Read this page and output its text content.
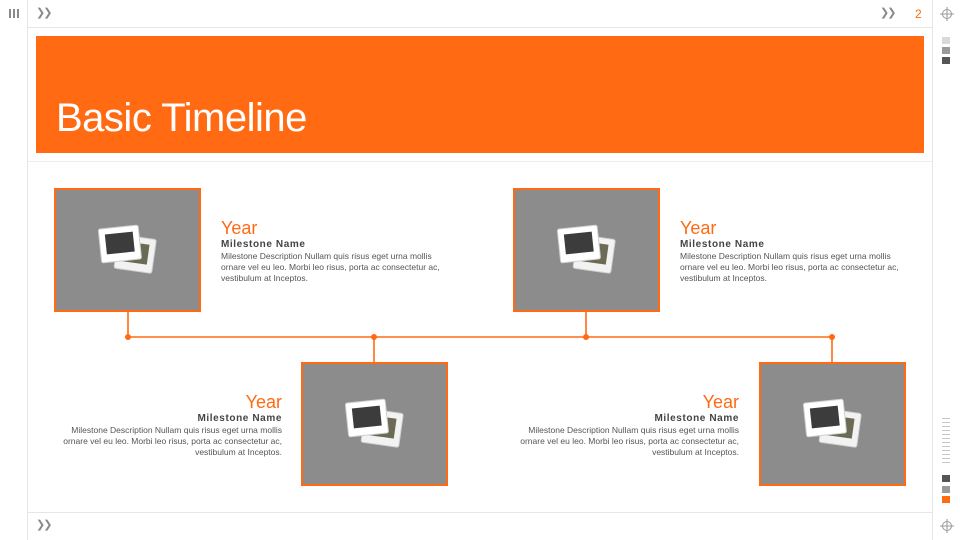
❯❯	❯❯
❯❯
2
Basic Timeline
Year
Milestone Name
Milestone Description Nullam quis risus eget urna mollis ornare vel eu leo. Morbi leo risus, porta ac consectetur ac, vestibulum at Inceptos.
Year
Milestone Name
Milestone Description Nullam quis risus eget urna mollis ornare vel eu leo. Morbi leo risus, porta ac consectetur ac, vestibulum at Inceptos.
Year
Milestone Name
Milestone Description Nullam quis risus eget urna mollis ornare vel eu leo. Morbi leo risus, porta ac consectetur ac, vestibulum at Inceptos.
Year
Milestone Name
Milestone Description Nullam quis risus eget urna mollis ornare vel eu leo. Morbi leo risus, porta ac consectetur ac, vestibulum at Inceptos.
